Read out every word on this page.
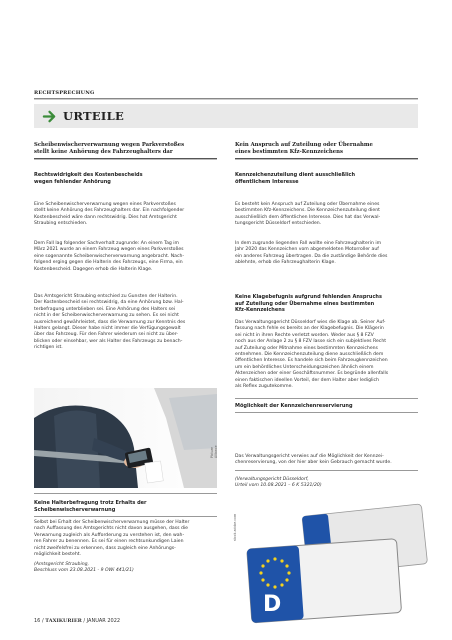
RECHTSPRECHUNG
URTEILE
Scheibenwischerverwarnung wegen Parkverstoßes
stellt keine Anhörung des Fahrzeughalters dar
Rechtswidrigkeit des Kostenbescheids
wegen fehlender Anhörung
Eine Scheibenwischerverwarnung wegen eines Parkverstoßes
stellt keine Anhörung des Fahrzeughalters dar. Ein nachfolgender
Kostenbescheid wäre dann rechtswidrig. Dies hat Amtsgericht
Straubing entschieden.
Dem Fall lag folgender Sachverhalt zugrunde: An einem Tag im
März 2021 wurde an einem Fahrzeug wegen eines Parkverstoßes
eine sogenannte Scheibenwischerverwarnung angebracht. Nach-
folgend erging gegen die Halterin des Fahrzeugs, eine Firma, ein
Kostenbescheid. Dagegen erhob die Halterin Klage.
Das Amtsgericht Straubing entschied zu Gunsten der Halterin.
Der Kostenbescheid sei rechtswidrig, da eine Anhörung bzw. Hal-
terbefragung unterblieben sei. Eine Anhörung des Halters sei
nicht in der Scheibenwischerverwarnung zu sehen. Es sei nicht
ausreichend gewährleistet, dass die Verwarnung zur Kenntnis des
Halters gelangt. Dieser habe nicht immer die Verfügungsgewalt
über das Fahrzeug. Für den Fahrer wiederum sei nicht zu über-
blicken oder einsehbar, wer als Halter des Fahrzeugs zu benach-
richtigen ist.
Picture Alliance
Keine Halterbefragung trotz Erhalts der
Scheibenwischerverwarnung
Selbst bei Erhalt der Scheibenwischerverwarnung müsse der Halter
nach Auffassung des Amtsgerichts nicht davon ausgehen, dass die
Verwarnung zugleich als Aufforderung zu verstehen ist, den wah-
ren Fahrer zu benennen. Es sei für einen rechtsunkundigen Laien
nicht zweifelsfrei zu erkennen, dass zugleich eine Anhörungs-
möglichkeit besteht.
(Amtsgericht Straubing,
Beschluss vom 23.08.2021 - 9 OWi 441/21)
Kein Anspruch auf Zuteilung oder Übernahme
eines bestimmten Kfz-Kennzeichens
Kennzeichenzuteilung dient ausschließlich
öffentlichem Interesse
Es besteht kein Anspruch auf Zuteilung oder Übernahme eines
bestimmten Kfz-Kennzeichens. Die Kennzeichenzuteilung dient
ausschließlich dem öffentlichen Interesse. Dies hat das Verwal-
tungsgericht Düsseldorf entschieden.
In dem zugrunde liegenden Fall wollte eine Fahrzeughalterin im
Jahr 2020 das Kennzeichen vom abgemeldeten Motorroller auf
ein anderes Fahrzeug übertragen. Da die zuständige Behörde dies
ablehnte, erhob die Fahrzeughalterin Klage.
Keine Klagebefugnis aufgrund fehlenden Anspruchs
auf Zuteilung oder Übernahme eines bestimmten
Kfz-Kennzeichens
Das Verwaltungsgericht Düsseldorf wies die Klage ab. Seiner Auf-
fassung nach fehle es bereits an der Klagebefugnis. Die Klägerin
sei nicht in ihren Rechte verletzt worden. Weder aus § 8 FZV
noch aus der Anlage 2 zu § 8 FZV lasse sich ein subjektives Recht
auf Zuteilung oder Mitnahme eines bestimmten Kennzeichens
entnehmen. Die Kennzeichenzuteilung diene ausschließlich dem
öffentlichen Interesse. Es handele sich beim Fahrzeugkennzeichen
um ein behördliches Unterscheidungszeichen ähnlich einem
Aktenzeichen oder einer Geschäftsnummer. Es begründe allenfalls
einen faktischen ideellen Vorteil, der dem Halter aber lediglich
als Reflex zugutekomme.
Möglichkeit der Kennzeichenreservierung
Das Verwaltungsgericht verwies auf die Möglichkeit der Kennzei-
chenreservierung, von der hier aber kein Gebrauch gemacht wurde.
(Verwaltungsgericht Düsseldorf,
Urteil vom 10.08.2021 – 6 K 5321/20)
D
stock.adobe.com
16 / TAXIKURIER / JANUAR 2022
